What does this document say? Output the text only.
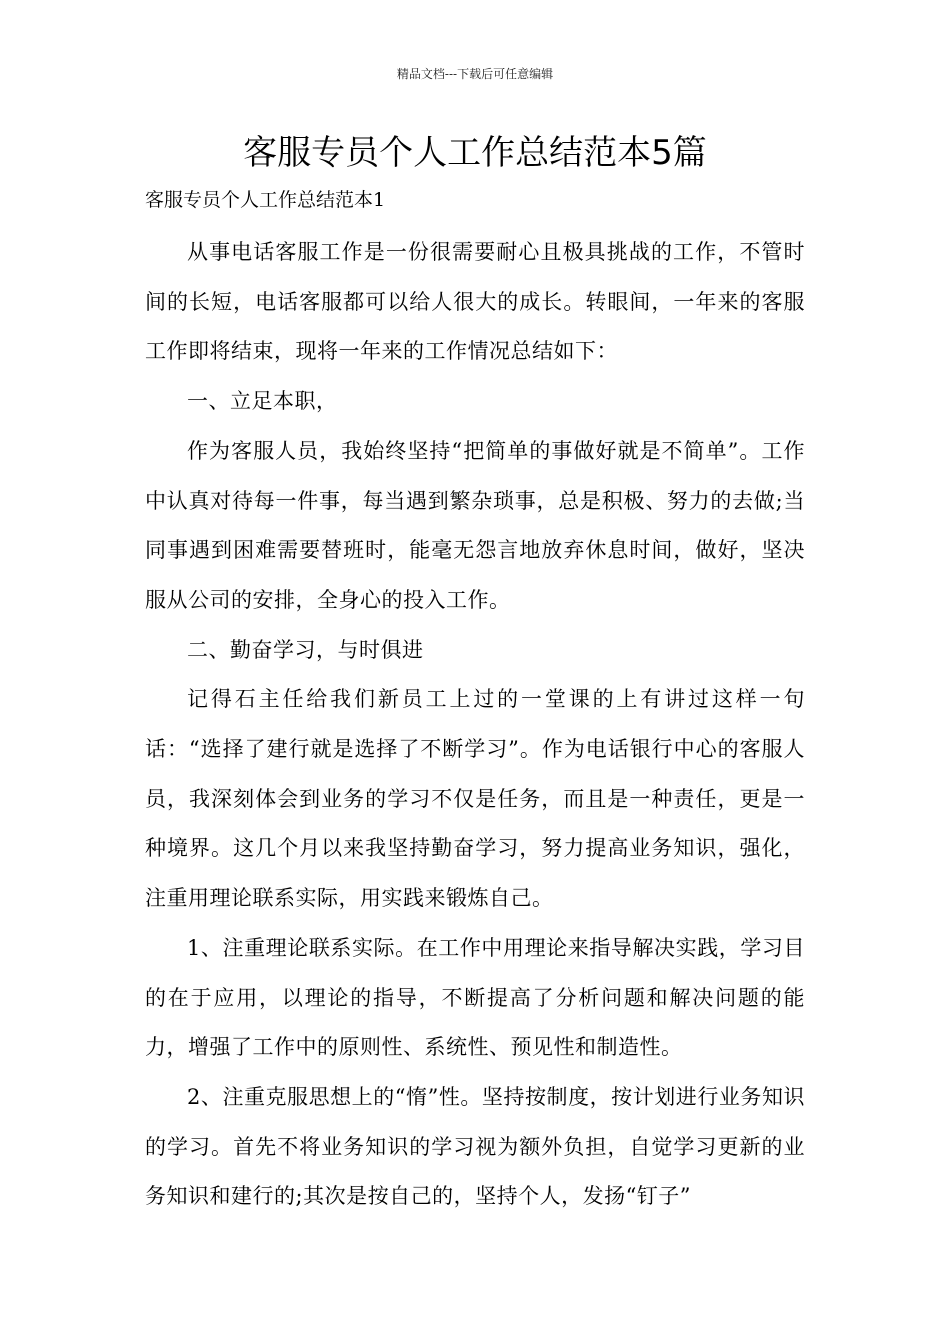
精品文档---下载后可任意编辑
客服专员个人工作总结范本5篇
客服专员个人工作总结范本1

从事电话客服工作是一份很需要耐心且极具挑战的工作，不管时间的长短，电话客服都可以给人很大的成长。转眼间，一年来的客服工作即将结束，现将一年来的工作情况总结如下：

一、立足本职，

作为客服人员，我始终坚持“把简单的事做好就是不简单”。工作中认真对待每一件事，每当遇到繁杂琐事，总是积极、努力的去做;当同事遇到困难需要替班时，能毫无怨言地放弃休息时间，做好，坚决服从公司的安排，全身心的投入工作。

二、勤奋学习，与时俱进

记得石主任给我们新员工上过的一堂课的上有讲过这样一句话：“选择了建行就是选择了不断学习”。作为电话银行中心的客服人员，我深刻体会到业务的学习不仅是任务，而且是一种责任，更是一种境界。这几个月以来我坚持勤奋学习，努力提高业务知识，强化，注重用理论联系实际，用实践来锻炼自己。

1、注重理论联系实际。在工作中用理论来指导解决实践，学习目的在于应用，以理论的指导，不断提高了分析问题和解决问题的能力，增强了工作中的原则性、系统性、预见性和制造性。

2、注重克服思想上的“惰”性。坚持按制度，按计划进行业务知识的学习。首先不将业务知识的学习视为额外负担，自觉学习更新的业务知识和建行的;其次是按自己的，坚持个人，发扬“钉子”
